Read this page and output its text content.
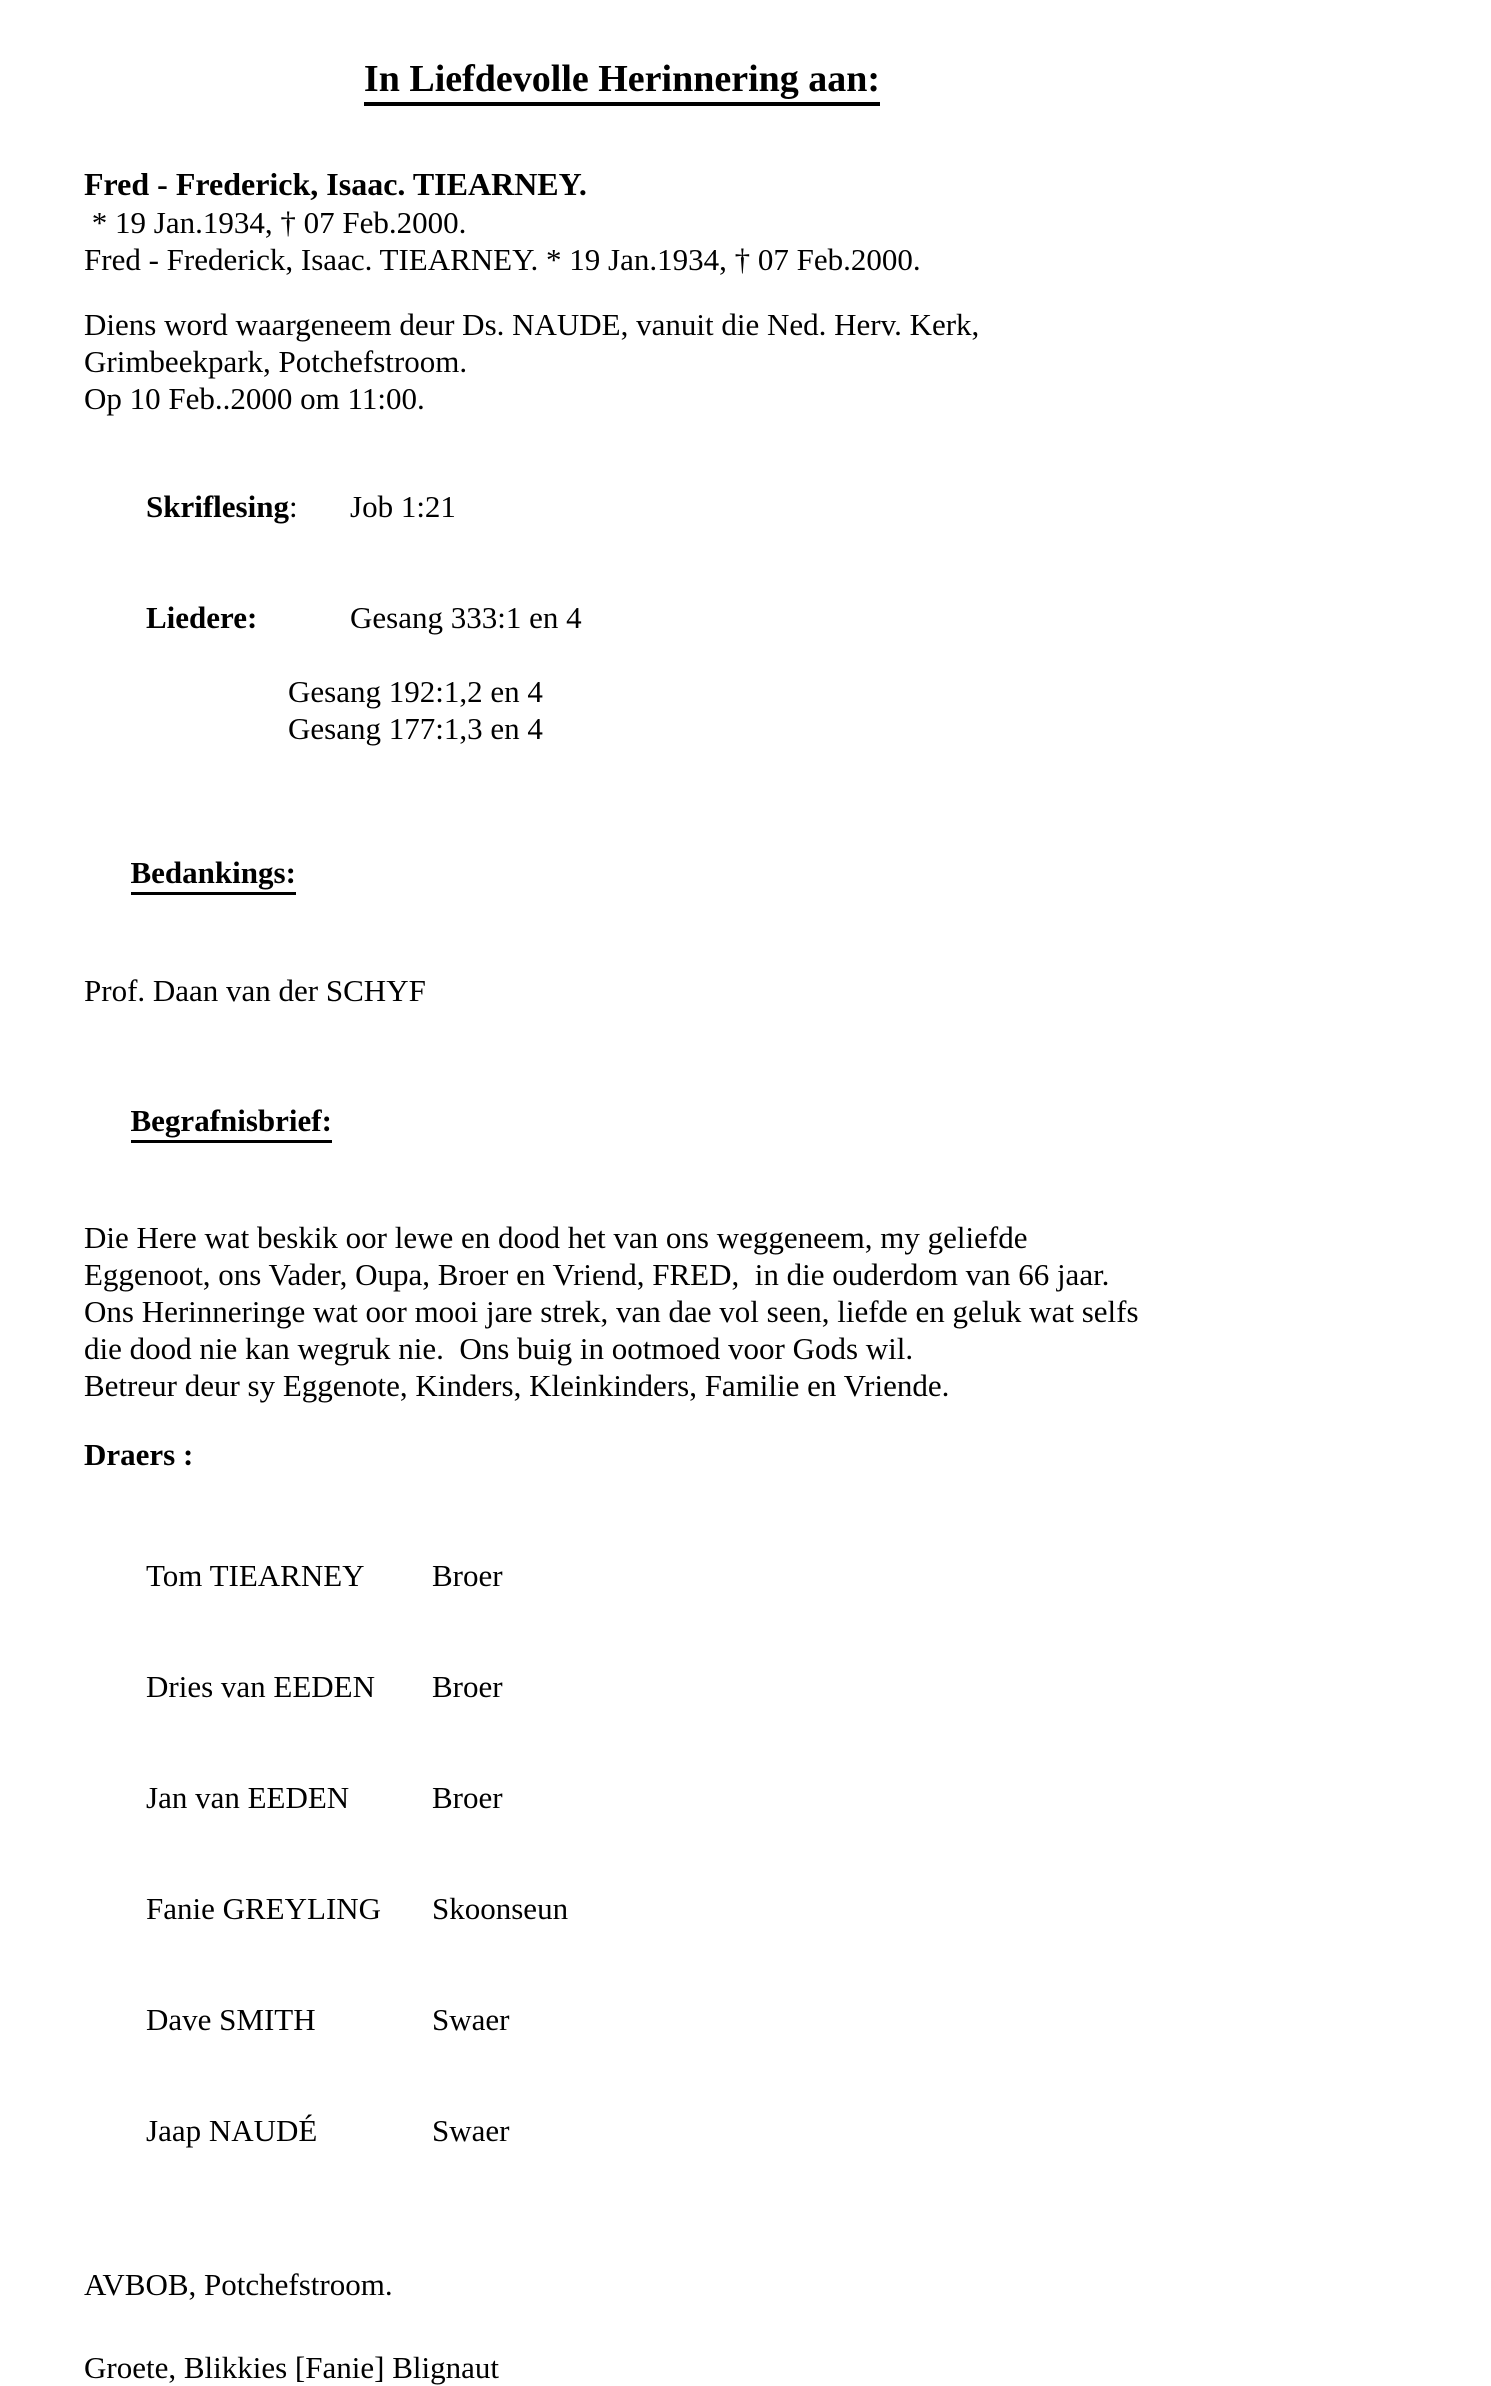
In Liefdevolle Herinnering aan:
Fred - Frederick, Isaac. TIEARNEY.
* 19 Jan.1934, † 07 Feb.2000.
Fred - Frederick, Isaac. TIEARNEY. * 19 Jan.1934, † 07 Feb.2000.
Diens word waargeneem deur Ds. NAUDE, vanuit die Ned. Herv. Kerk,
Grimbeekpark, Potchefstroom.
Op 10 Feb..2000 om 11:00.

Skriflesing: Job 1:21

Liedere:	Gesang 333:1 en 4

Gesang 192:1,2 en 4
Gesang 177:1,3 en 4

Bedankings:

Prof. Daan van der SCHYF

Begrafnisbrief:

Die Here wat beskik oor lewe en dood het van ons weggeneem, my geliefde
Eggenoot, ons Vader, Oupa, Broer en Vriend, FRED,  in die ouderdom van 66 jaar.
Ons Herinneringe wat oor mooi jare strek, van dae vol seen, liefde en geluk wat selfs
die dood nie kan wegruk nie.  Ons buig in ootmoed voor Gods wil.
Betreur deur sy Eggenote, Kinders, Kleinkinders, Familie en Vriende.
Draers :

Tom TIEARNEY Broer

Dries van EEDEN Broer

Jan van EEDEN	Broer

Fanie GREYLING Skoonseun

Dave SMITH	Swaer

Jaap NAUDÉ	Swaer

AVBOB, Potchefstroom.
Groete, Blikkies [Fanie] Blignaut
